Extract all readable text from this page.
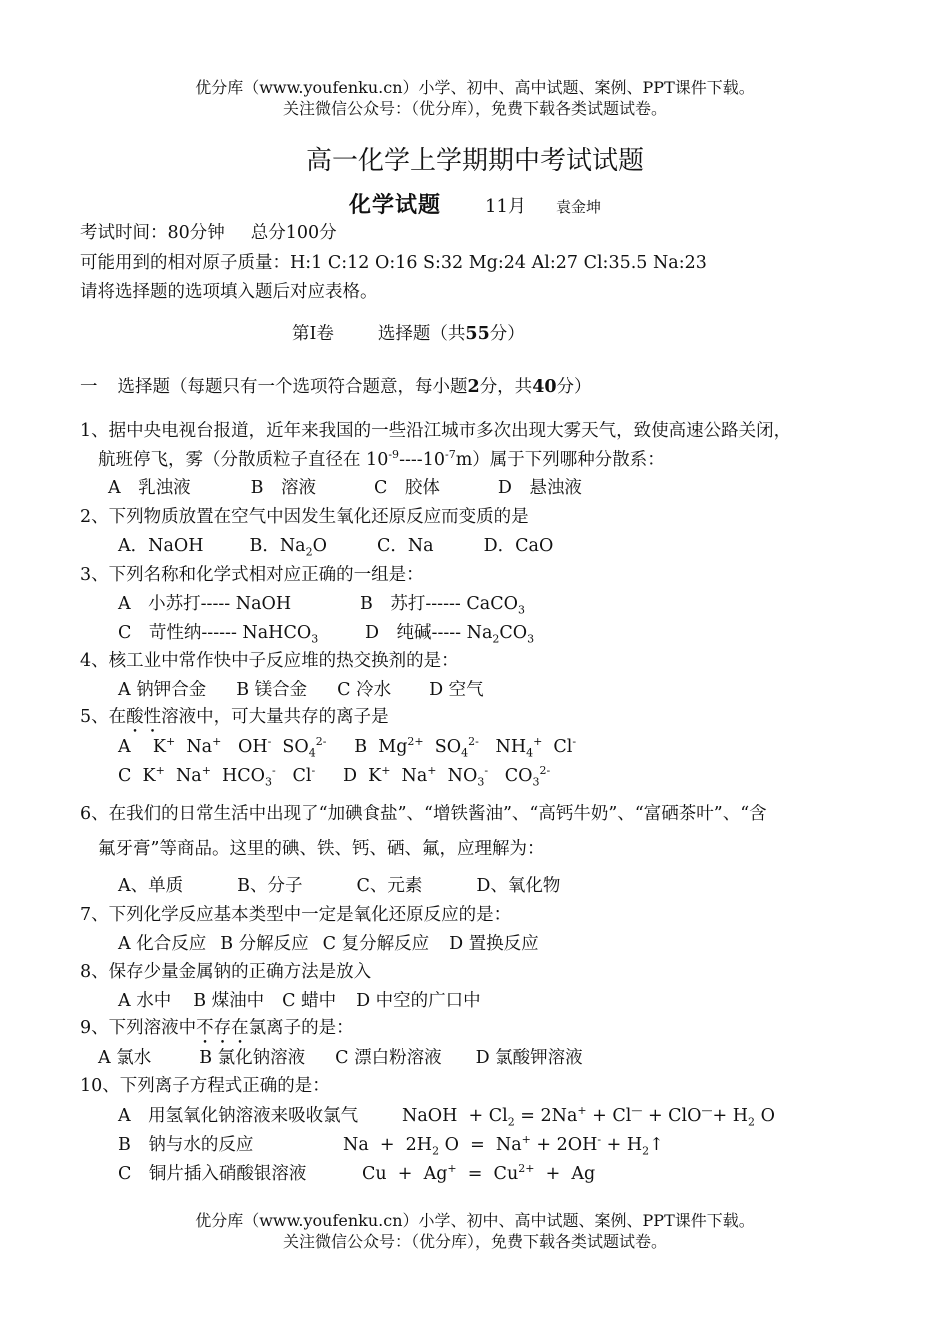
优分库（www.youfenku.cn）小学、初中、高中试题、案例、PPT课件下载。
关注微信公众号：（优分库），免费下载各类试题试卷。
高一化学上学期期中考试试题
化学试题 11月 袁金坤
考试时间：80分钟 总分100分
可能用到的相对原子质量：H:1 C:12 O:16 S:32 Mg:24 Al:27 Cl:35.5 Na:23
请将选择题的选项填入题后对应表格。
第Ⅰ卷	选择题（共55分）
一 选择题（每题只有一个选项符合题意，每小题2分，共40分）
1、据中央电视台报道，近年来我国的一些沿江城市多次出现大雾天气，致使高速公路关闭，
航班停飞，雾（分散质粒子直径在 $10^{-9}----10^{-7}m$）属于下列哪种分散系：
A　乳浊液	B　溶液	C　胶体	D　悬浊液
2、下列物质放置在空气中因发生氧化还原反应而变质的是
A．NaOH	B．$Na_2O$	C．Na	D．CaO
3、下列名称和化学式相对应正确的一组是：
A　小苏打----- NaOH	B　苏打------ CaCO$_3$
C　苛性纳------ NaHCO$_3$	D　纯碱----- $Na_2CO_3$
4、核工业中常作快中子反应堆的热交换剂的是：
A 钠钾合金 B 镁合金 C 冷水 D 空气
5、在酸性溶液中，可大量共存的离子是
A    K+  Na+   OH-  $SO_4^{2-}$     B  $Mg^{2+}$  $SO_4^{2-}$   $NH_4^+$  Cl-
C  K+  Na+  $HCO_3^-$   Cl-     D  K+  Na+  $NO_3^-$   $CO_3^{2-}$
6、在我们的日常生活中出现了“加碘食盐”、“增铁酱油”、“高钙牛奶”、“富硒茶叶”、“含
氟牙膏”等商品。这里的碘、铁、钙、硒、氟，应理解为：
A、单质	B、分子	C、元素	D、氧化物
7、下列化学反应基本类型中一定是氧化还原反应的是：
A 化合反应 B 分解反应 C 复分解反应 D 置换反应
8、保存少量金属钠的正确方法是放入
A 水中 B 煤油中 C 蜡中 D 中空的广口中
9、下列溶液中不存在氯离子的是：
A 氯水	B 氯化钠溶液 C 漂白粉溶液 D 氯酸钾溶液
10、下列离子方程式正确的是：
A　用氢氧化钠溶液来吸收氯气	NaOH  + $Cl_2 = 2Na^+ + Cl^— + ClO^—+ H_2$ O
B　钠与水的反应	$Na + 2H_2$ $O = Na^+ + 2OH^- + H_2↑$
C　铜片插入硝酸银溶液	$Cu + Ag^+ = Cu^{2+} + Ag$
优分库（www.youfenku.cn）小学、初中、高中试题、案例、PPT课件下载。
关注微信公众号：（优分库），免费下载各类试题试卷。
